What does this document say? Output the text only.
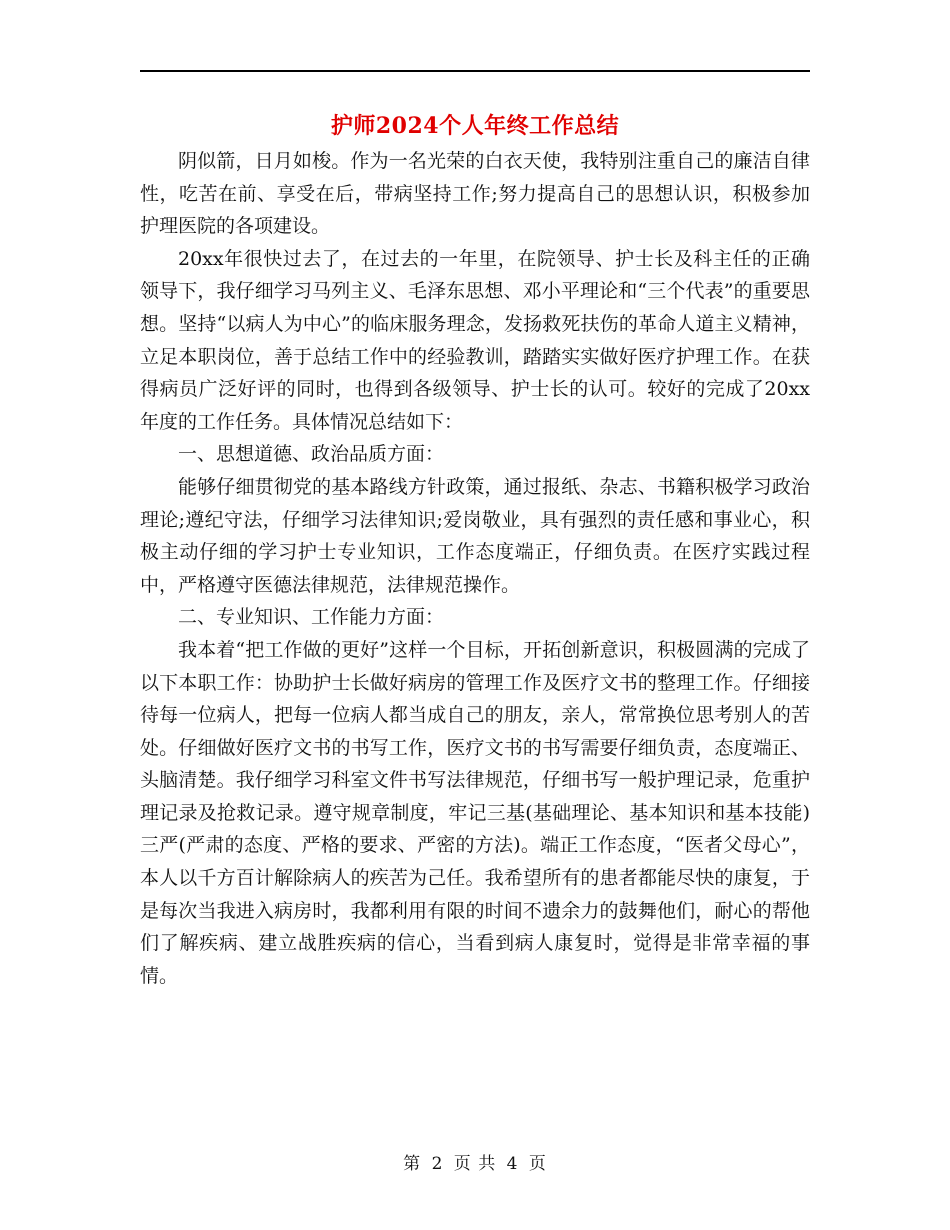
护师2024个人年终工作总结

阴似箭，日月如梭。作为一名光荣的白衣天使，我特别注重自己的廉洁自律性，吃苦在前、享受在后，带病坚持工作;努力提高自己的思想认识，积极参加护理医院的各项建设。

20xx年很快过去了，在过去的一年里，在院领导、护士长及科主任的正确领导下，我仔细学习马列主义、毛泽东思想、邓小平理论和“三个代表”的重要思想。坚持“以病人为中心”的临床服务理念，发扬救死扶伤的革命人道主义精神，立足本职岗位，善于总结工作中的经验教训，踏踏实实做好医疗护理工作。在获得病员广泛好评的同时，也得到各级领导、护士长的认可。较好的完成了20xx年度的工作任务。具体情况总结如下：

一、思想道德、政治品质方面：

能够仔细贯彻党的基本路线方针政策，通过报纸、杂志、书籍积极学习政治理论;遵纪守法，仔细学习法律知识;爱岗敬业，具有强烈的责任感和事业心，积极主动仔细的学习护士专业知识，工作态度端正，仔细负责。在医疗实践过程中，严格遵守医德法律规范，法律规范操作。

二、专业知识、工作能力方面：

我本着“把工作做的更好”这样一个目标，开拓创新意识，积极圆满的完成了以下本职工作：协助护士长做好病房的管理工作及医疗文书的整理工作。仔细接待每一位病人，把每一位病人都当成自己的朋友，亲人，常常换位思考别人的苦处。仔细做好医疗文书的书写工作，医疗文书的书写需要仔细负责，态度端正、头脑清楚。我仔细学习科室文件书写法律规范，仔细书写一般护理记录，危重护理记录及抢救记录。遵守规章制度，牢记三基(基础理论、基本知识和基本技能)三严(严肃的态度、严格的要求、严密的方法)。端正工作态度，“医者父母心”，本人以千方百计解除病人的疾苦为己任。我希望所有的患者都能尽快的康复，于是每次当我进入病房时，我都利用有限的时间不遗余力的鼓舞他们，耐心的帮他们了解疾病、建立战胜疾病的信心，当看到病人康复时，觉得是非常幸福的事情。

第 2 页 共 4 页
